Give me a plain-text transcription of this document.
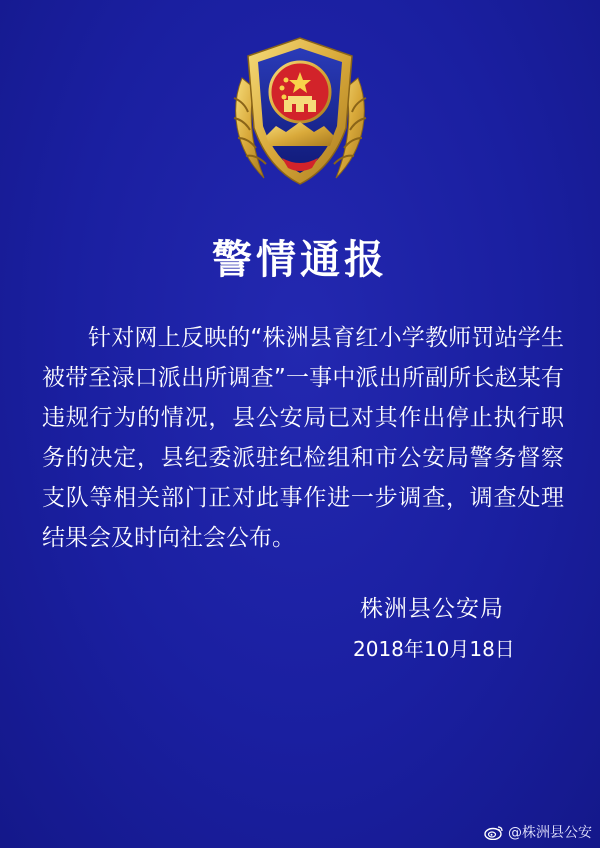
警情通报

针对网上反映的“株洲县育红小学教师罚站学生被带至渌口派出所调查”一事中派出所副所长赵某有违规行为的情况，县公安局已对其作出停止执行职务的决定，县纪委派驻纪检组和市公安局警务督察支队等相关部门正对此事作进一步调查，调查处理结果会及时向社会公布。

株洲县公安局
2018年10月18日
@株洲县公安
